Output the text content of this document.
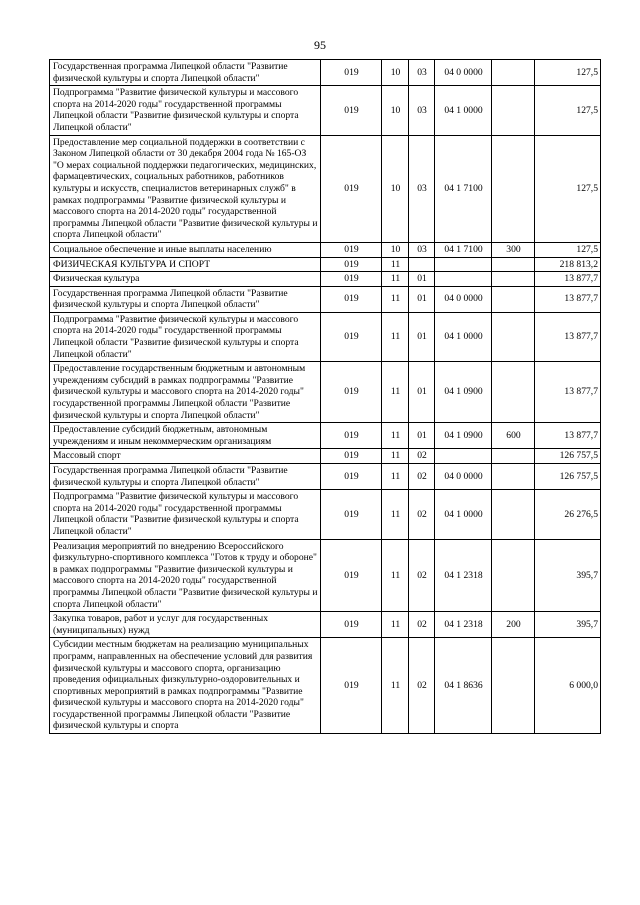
95
Государственная программа Липецкой области "Развитие физической культуры и спорта Липецкой области"	019	10	03	04 0 0000		127,5
Подпрограмма "Развитие физической культуры и массового спорта на 2014-2020 годы" государственной программы Липецкой области "Развитие физической культуры и спорта Липецкой области"	019	10	03	04 1 0000		127,5
Предоставление мер социальной поддержки в соответствии с Законом Липецкой области от 30 декабря 2004 года № 165-ОЗ "О мерах социальной поддержки педагогических, медицинских, фармацевтических, социальных работников, работников культуры и искусств, специалистов ветеринарных служб" в рамках подпрограммы "Развитие физической культуры и массового спорта на 2014-2020 годы" государственной программы Липецкой области "Развитие физической культуры и спорта Липецкой области"	019	10	03	04 1 7100		127,5
Социальное обеспечение и иные выплаты населению	019	10	03	04 1 7100	300	127,5
ФИЗИЧЕСКАЯ КУЛЬТУРА И СПОРТ	019	11				218 813,2
Физическая культура	019	11	01			13 877,7
Государственная программа Липецкой области "Развитие физической культуры и спорта Липецкой области"	019	11	01	04 0 0000		13 877,7
Подпрограмма "Развитие физической культуры и массового спорта на 2014-2020 годы" государственной программы Липецкой области "Развитие физической культуры и спорта Липецкой области"	019	11	01	04 1 0000		13 877,7
Предоставление государственным бюджетным и автономным учреждениям субсидий в рамках подпрограммы "Развитие физической культуры и массового спорта на 2014-2020 годы" государственной программы Липецкой области "Развитие физической культуры и спорта Липецкой области"	019	11	01	04 1 0900		13 877,7
Предоставление субсидий бюджетным, автономным учреждениям и иным некоммерческим организациям	019	11	01	04 1 0900	600	13 877,7
Массовый спорт	019	11	02			126 757,5
Государственная программа Липецкой области "Развитие физической культуры и спорта Липецкой области"	019	11	02	04 0 0000		126 757,5
Подпрограмма "Развитие физической культуры и массового спорта на 2014-2020 годы" государственной программы Липецкой области "Развитие физической культуры и спорта Липецкой области"	019	11	02	04 1 0000		26 276,5
Реализация мероприятий по внедрению Всероссийского физкультурно-спортивного комплекса "Готов к труду и обороне" в рамках подпрограммы "Развитие физической культуры и массового спорта на 2014-2020 годы" государственной программы Липецкой области "Развитие физической культуры и спорта Липецкой области"	019	11	02	04 1 2318		395,7
Закупка товаров, работ и услуг для государственных (муниципальных) нужд	019	11	02	04 1 2318	200	395,7
Субсидии местным бюджетам на реализацию муниципальных программ, направленных на обеспечение условий для развития физической культуры и массового спорта, организацию проведения официальных физкультурно-оздоровительных и спортивных мероприятий в рамках подпрограммы "Развитие физической культуры и массового спорта на 2014-2020 годы" государственной программы Липецкой области "Развитие физической культуры и спорта	019	11	02	04 1 8636		6 000,0
